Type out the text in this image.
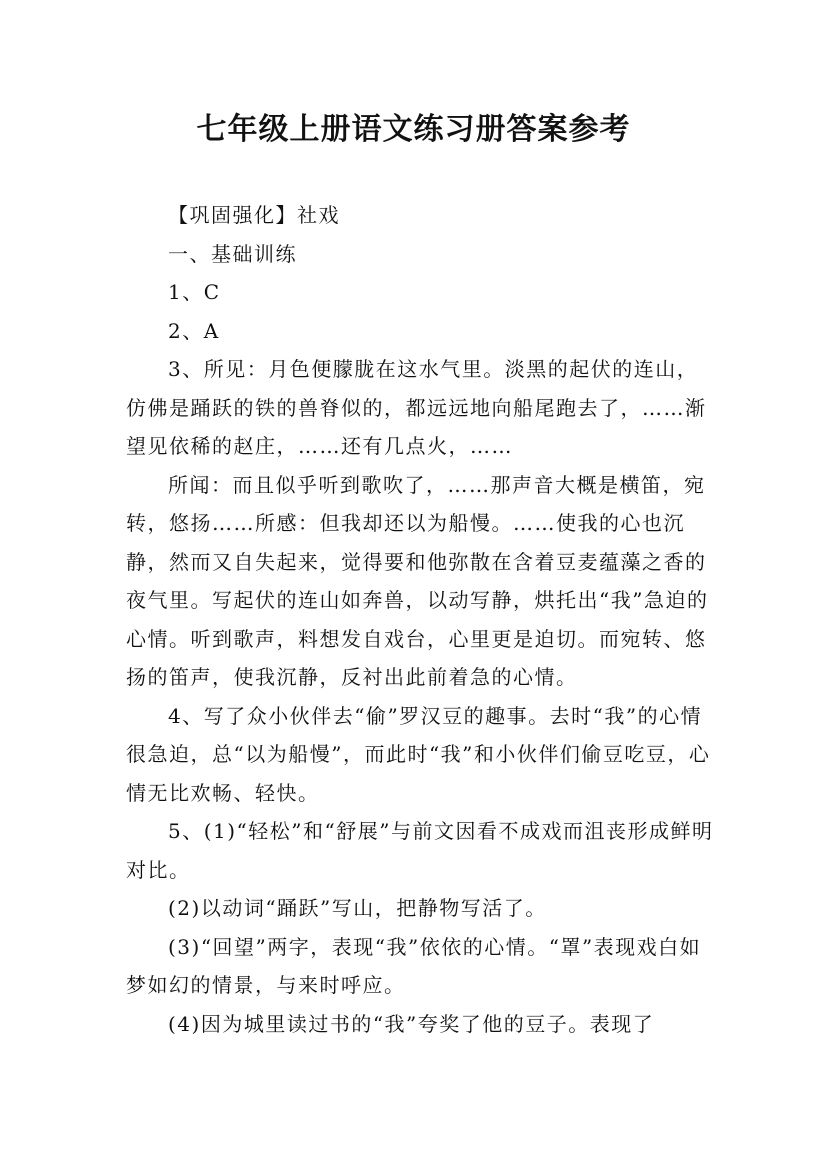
七年级上册语文练习册答案参考

【巩固强化】社戏

一、基础训练

1、C

2、A

3、所见：月色便朦胧在这水气里。淡黑的起伏的连山，仿佛是踊跃的铁的兽脊似的，都远远地向船尾跑去了，……渐望见依稀的赵庄，……还有几点火，……

所闻：而且似乎听到歌吹了，……那声音大概是横笛，宛转，悠扬……所感：但我却还以为船慢。……使我的心也沉静，然而又自失起来，觉得要和他弥散在含着豆麦蕴藻之香的夜气里。写起伏的连山如奔兽，以动写静，烘托出“我”急迫的心情。听到歌声，料想发自戏台，心里更是迫切。而宛转、悠扬的笛声，使我沉静，反衬出此前着急的心情。

4、写了众小伙伴去“偷”罗汉豆的趣事。去时“我”的心情很急迫，总“以为船慢”，而此时“我”和小伙伴们偷豆吃豆，心情无比欢畅、轻快。

5、(1)“轻松”和“舒展”与前文因看不成戏而沮丧形成鲜明对比。

(2)以动词“踊跃”写山，把静物写活了。

(3)“回望”两字，表现“我”依依的心情。“罩”表现戏白如梦如幻的情景，与来时呼应。

(4)因为城里读过书的“我”夸奖了他的豆子。表现了
